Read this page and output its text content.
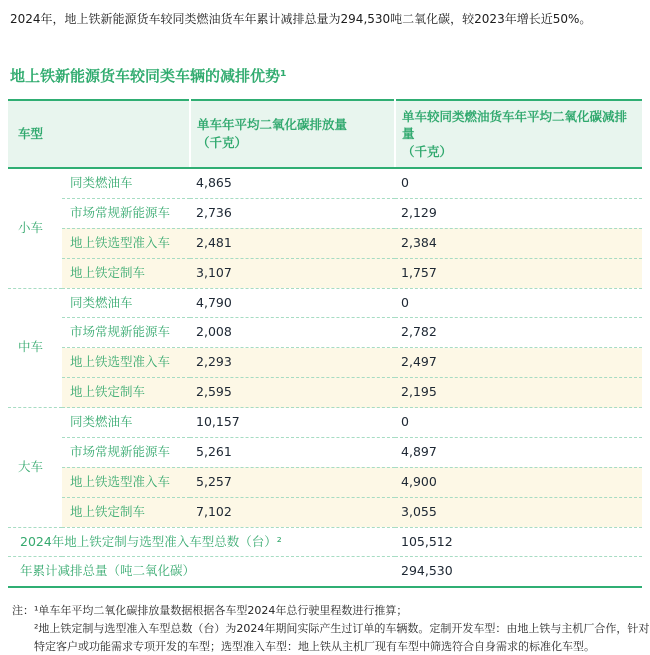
2024年，地上铁新能源货车较同类燃油货车年累计减排总量为294,530吨二氧化碳，较2023年增长近50%。

地上铁新能源货车较同类车辆的减排优势¹
车型	
单车年平均二氧化碳排放量
（千克）

单车较同类燃油货车年平均二氧化碳减排量
（千克）

小车	同类燃油车	4,865	0
	市场常规新能源车	2,736	2,129
	地上铁选型准入车	2,481	2,384
	地上铁定制车	3,107	1,757
中车	同类燃油车	4,790	0
	市场常规新能源车	2,008	2,782
	地上铁选型准入车	2,293	2,497
	地上铁定制车	2,595	2,195
大车	同类燃油车	10,157	0
	市场常规新能源车	5,261	4,897
	地上铁选型准入车	5,257	4,900
	地上铁定制车	7,102	3,055
2024年地上铁定制与选型准入车型总数（台）²			105,512
年累计减排总量（吨二氧化碳）			294,530
注： ¹单车年平均二氧化碳排放量数据根据各车型2024年总行驶里程数进行推算；
²地上铁定制与选型准入车型总数（台）为2024年期间实际产生过订单的车辆数。定制开发车型：由地上铁与主机厂合作，针对特定客户或功能需求专项开发的车型；选型准入车型：地上铁从主机厂现有车型中筛选符合自身需求的标准化车型。
